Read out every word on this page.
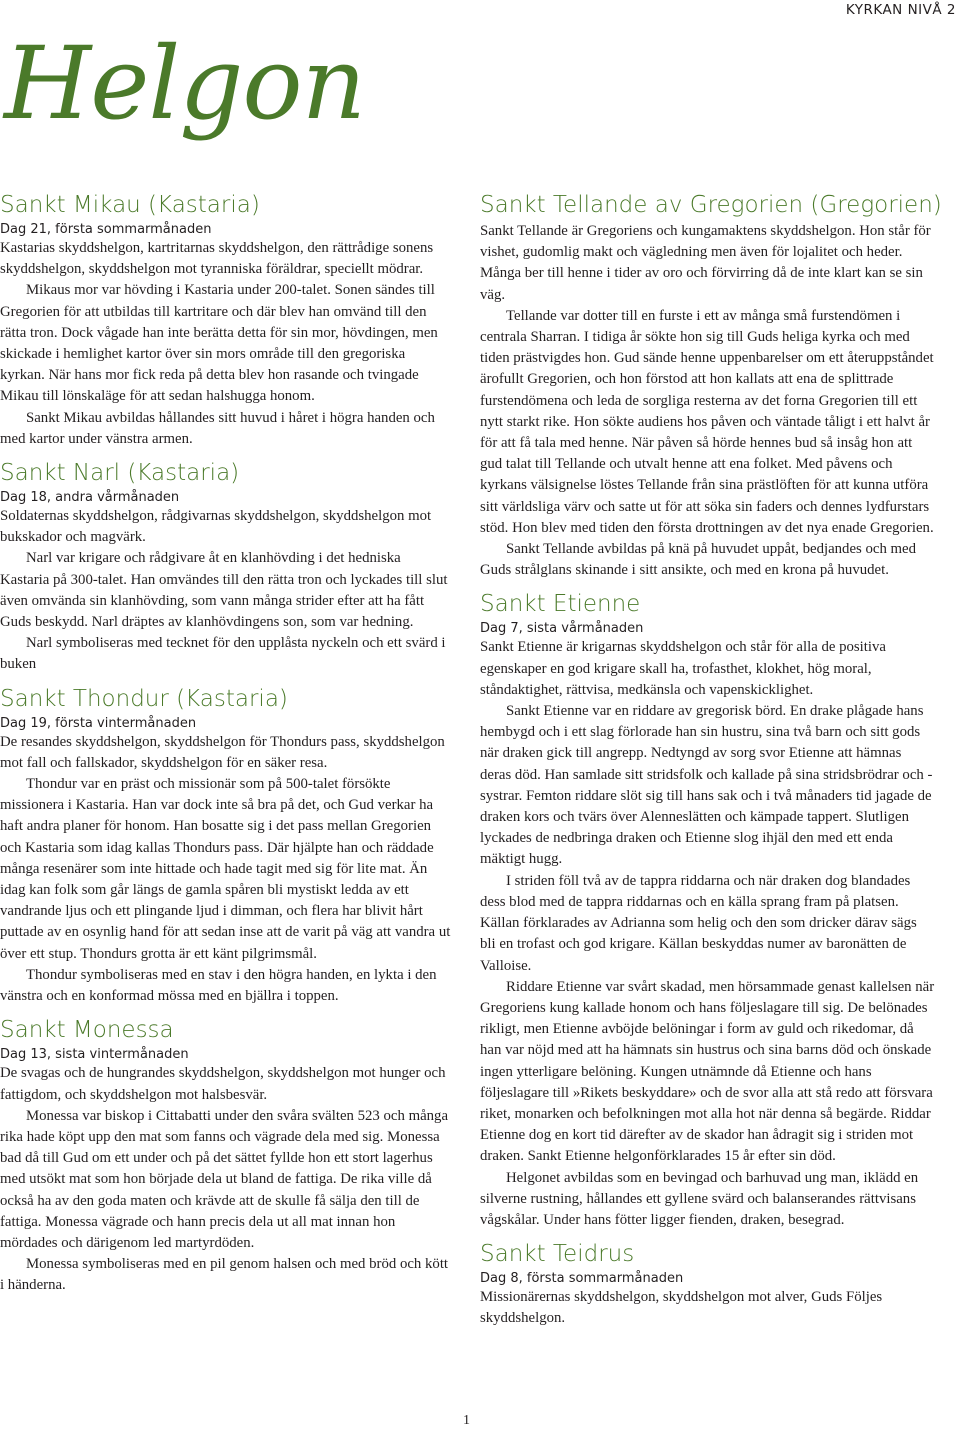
KYRKAN NIVÅ 2
Helgon
Sankt Mikau (Kastaria)
Dag 21, första sommarmånaden

Kastarias skyddshelgon, kartritarnas skyddshelgon, den rättrådige sonens skyddshelgon, skyddshelgon mot tyranniska föräldrar, speciellt mödrar.

Mikaus mor var hövding i Kastaria under 200-talet. Sonen sändes till Gregorien för att utbildas till kartritare och där blev han omvänd till den rätta tron. Dock vågade han inte berätta detta för sin mor, hövdingen, men skickade i hemlighet kartor över sin mors område till den gregoriska kyrkan. När hans mor fick reda på detta blev hon rasande och tvingade Mikau till lönskaläge för att sedan halshugga honom.

Sankt Mikau avbildas hållandes sitt huvud i håret i högra handen och med kartor under vänstra armen.

Sankt Narl (Kastaria)
Dag 18, andra vårmånaden

Soldaternas skyddshelgon, rådgivarnas skyddshelgon, skyddshelgon mot bukskador och magvärk.

Narl var krigare och rådgivare åt en klanhövding i det hedniska Kastaria på 300-talet. Han omvändes till den rätta tron och lyckades till slut även omvända sin klanhövding, som vann många strider efter att ha fått Guds beskydd. Narl dräptes av klanhövdingens son, som var hedning.

Narl symboliseras med tecknet för den upplåsta nyckeln och ett svärd i buken

Sankt Thondur (Kastaria)
Dag 19, första vintermånaden

De resandes skyddshelgon, skyddshelgon för Thondurs pass, skyddshelgon mot fall och fallskador, skyddshelgon för en säker resa.

Thondur var en präst och missionär som på 500-talet försökte missionera i Kastaria. Han var dock inte så bra på det, och Gud verkar ha haft andra planer för honom. Han bosatte sig i det pass mellan Gregorien och Kastaria som idag kallas Thondurs pass. Där hjälpte han och räddade många resenärer som inte hittade och hade tagit med sig för lite mat. Än idag kan folk som går längs de gamla spåren bli mystiskt ledda av ett vandrande ljus och ett plingande ljud i dimman, och flera har blivit hårt puttade av en osynlig hand för att sedan inse att de varit på väg att vandra ut över ett stup. Thondurs grotta är ett känt pilgrimsmål.

Thondur symboliseras med en stav i den högra handen, en lykta i den vänstra och en konformad mössa med en bjällra i toppen.

Sankt Monessa
Dag 13, sista vintermånaden

De svagas och de hungrandes skyddshelgon, skyddshelgon mot hunger och fattigdom, och skyddshelgon mot halsbesvär.

Monessa var biskop i Cittabatti under den svåra svälten 523 och många rika hade köpt upp den mat som fanns och vägrade dela med sig. Monessa bad då till Gud om ett under och på det sättet fyllde hon ett stort lagerhus med utsökt mat som hon började dela ut bland de fattiga. De rika ville då också ha av den goda maten och krävde att de skulle få sälja den till de fattiga. Monessa vägrade och hann precis dela ut all mat innan hon mördades och därigenom led martyrdöden.

Monessa symboliseras med en pil genom halsen och med bröd och kött i händerna.

Sankt Tellande av Gregorien (Gregorien)

Sankt Tellande är Gregoriens och kungamaktens skyddshelgon. Hon står för vishet, gudomlig makt och vägledning men även för lojalitet och heder. Många ber till henne i tider av oro och förvirring då de inte klart kan se sin väg.

Tellande var dotter till en furste i ett av många små furstendömen i centrala Sharran. I tidiga år sökte hon sig till Guds heliga kyrka och med tiden prästvigdes hon. Gud sände henne uppenbarelser om ett återuppståndet ärofullt Gregorien, och hon förstod att hon kallats att ena de splittrade furstendömena och leda de sorgliga resterna av det forna Gregorien till ett nytt starkt rike. Hon sökte audiens hos påven och väntade tåligt i ett halvt år för att få tala med henne. När påven så hörde hennes bud så insåg hon att gud talat till Tellande och utvalt henne att ena folket. Med påvens och kyrkans välsignelse löstes Tellande från sina prästlöften för att kunna utföra sitt världsliga värv och satte ut för att söka sin faders och dennes lydfurstars stöd. Hon blev med tiden den första drottningen av det nya enade Gregorien.

Sankt Tellande avbildas på knä på huvudet uppåt, bedjandes och med Guds strålglans skinande i sitt ansikte, och med en krona på huvudet.

Sankt Etienne
Dag 7, sista vårmånaden

Sankt Etienne är krigarnas skyddshelgon och står för alla de positiva egenskaper en god krigare skall ha, trofasthet, klokhet, hög moral, ståndaktighet, rättvisa, medkänsla och vapenskicklighet.

Sankt Etienne var en riddare av gregorisk börd. En drake plågade hans hembygd och i ett slag förlorade han sin hustru, sina två barn och sitt gods när draken gick till angrepp. Nedtyngd av sorg svor Etienne att hämnas deras död. Han samlade sitt stridsfolk och kallade på sina stridsbrödrar och -systrar. Femton riddare slöt sig till hans sak och i två månaders tid jagade de draken kors och tvärs över Alenneslätten och kämpade tappert. Slutligen lyckades de nedbringa draken och Etienne slog ihjäl den med ett enda mäktigt hugg.

I striden föll två av de tappra riddarna och när draken dog blandades dess blod med de tappra riddarnas och en källa sprang fram på platsen. Källan förklarades av Adrianna som helig och den som dricker därav sägs bli en trofast och god krigare. Källan beskyddas numer av baronätten de Valloise.

Riddare Etienne var svårt skadad, men hörsammade genast kallelsen när Gregoriens kung kallade honom och hans följeslagare till sig. De belönades rikligt, men Etienne avböjde belöningar i form av guld och rikedomar, då han var nöjd med att ha hämnats sin hustrus och sina barns död och önskade ingen ytterligare belöning. Kungen utnämnde då Etienne och hans följeslagare till »Rikets beskyddare» och de svor alla att stå redo att försvara riket, monarken och befolkningen mot alla hot när denna så begärde. Riddar Etienne dog en kort tid därefter av de skador han ådragit sig i striden mot draken. Sankt Etienne helgonförklarades 15 år efter sin död.

Helgonet avbildas som en bevingad och barhuvad ung man, iklädd en silverne rustning, hållandes ett gyllene svärd och balanserandes rättvisans vågskålar. Under hans fötter ligger fienden, draken, besegrad.

Sankt Teidrus
Dag 8, första sommarmånaden

Missionärernas skyddshelgon, skyddshelgon mot alver, Guds Följes skyddshelgon.

1
